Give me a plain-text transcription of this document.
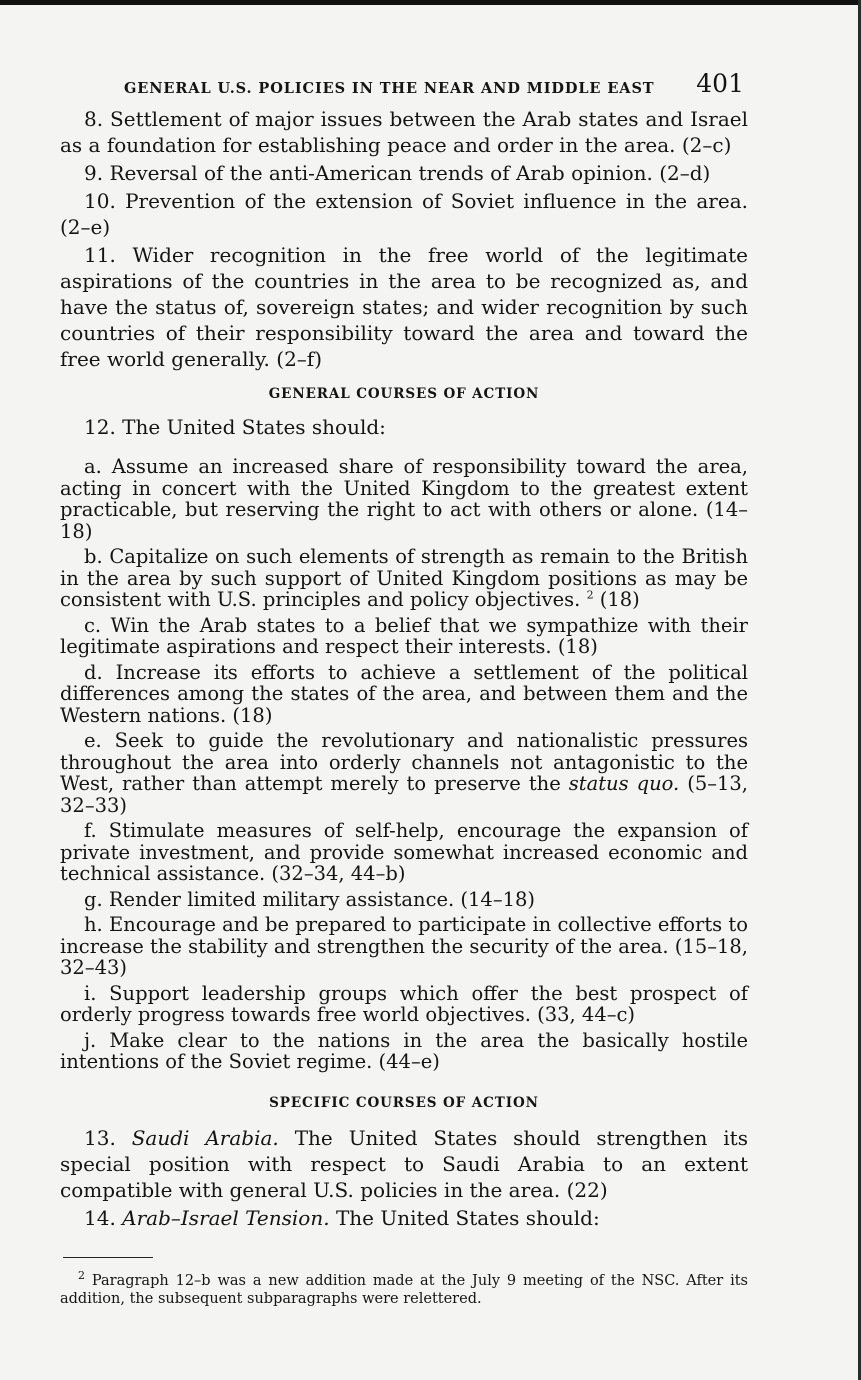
GENERAL U.S. POLICIES IN THE NEAR AND MIDDLE EAST 401

8. Settlement of major issues between the Arab states and Israel as a foundation for establishing peace and order in the area. (2–c)

9. Reversal of the anti-American trends of Arab opinion. (2–d)

10. Prevention of the extension of Soviet influence in the area. (2–e)

11. Wider recognition in the free world of the legitimate aspirations of the countries in the area to be recognized as, and have the status of, sovereign states; and wider recognition by such countries of their responsibility toward the area and toward the free world generally. (2–f)

GENERAL COURSES OF ACTION

12. The United States should:

a. Assume an increased share of responsibility toward the area, acting in concert with the United Kingdom to the greatest extent practicable, but reserving the right to act with others or alone. (14–18)

b. Capitalize on such elements of strength as remain to the British in the area by such support of United Kingdom positions as may be consistent with U.S. principles and policy objectives. $^2$ (18)

c. Win the Arab states to a belief that we sympathize with their legitimate aspirations and respect their interests. (18)

d. Increase its efforts to achieve a settlement of the political differences among the states of the area, and between them and the Western nations. (18)

e. Seek to guide the revolutionary and nationalistic pressures throughout the area into orderly channels not antagonistic to the West, rather than attempt merely to preserve the status quo. (5–13, 32–33)

f. Stimulate measures of self-help, encourage the expansion of private investment, and provide somewhat increased economic and technical assistance. (32–34, 44–b)

g. Render limited military assistance. (14–18)

h. Encourage and be prepared to participate in collective efforts to increase the stability and strengthen the security of the area. (15–18, 32–43)

i. Support leadership groups which offer the best prospect of orderly progress towards free world objectives. (33, 44–c)

j. Make clear to the nations in the area the basically hostile intentions of the Soviet regime. (44–e)

SPECIFIC COURSES OF ACTION

13. Saudi Arabia. The United States should strengthen its special position with respect to Saudi Arabia to an extent compatible with general U.S. policies in the area. (22)

14. Arab–Israel Tension. The United States should:

$^2$ Paragraph 12–b was a new addition made at the July 9 meeting of the NSC. After its addition, the subsequent subparagraphs were relettered.
